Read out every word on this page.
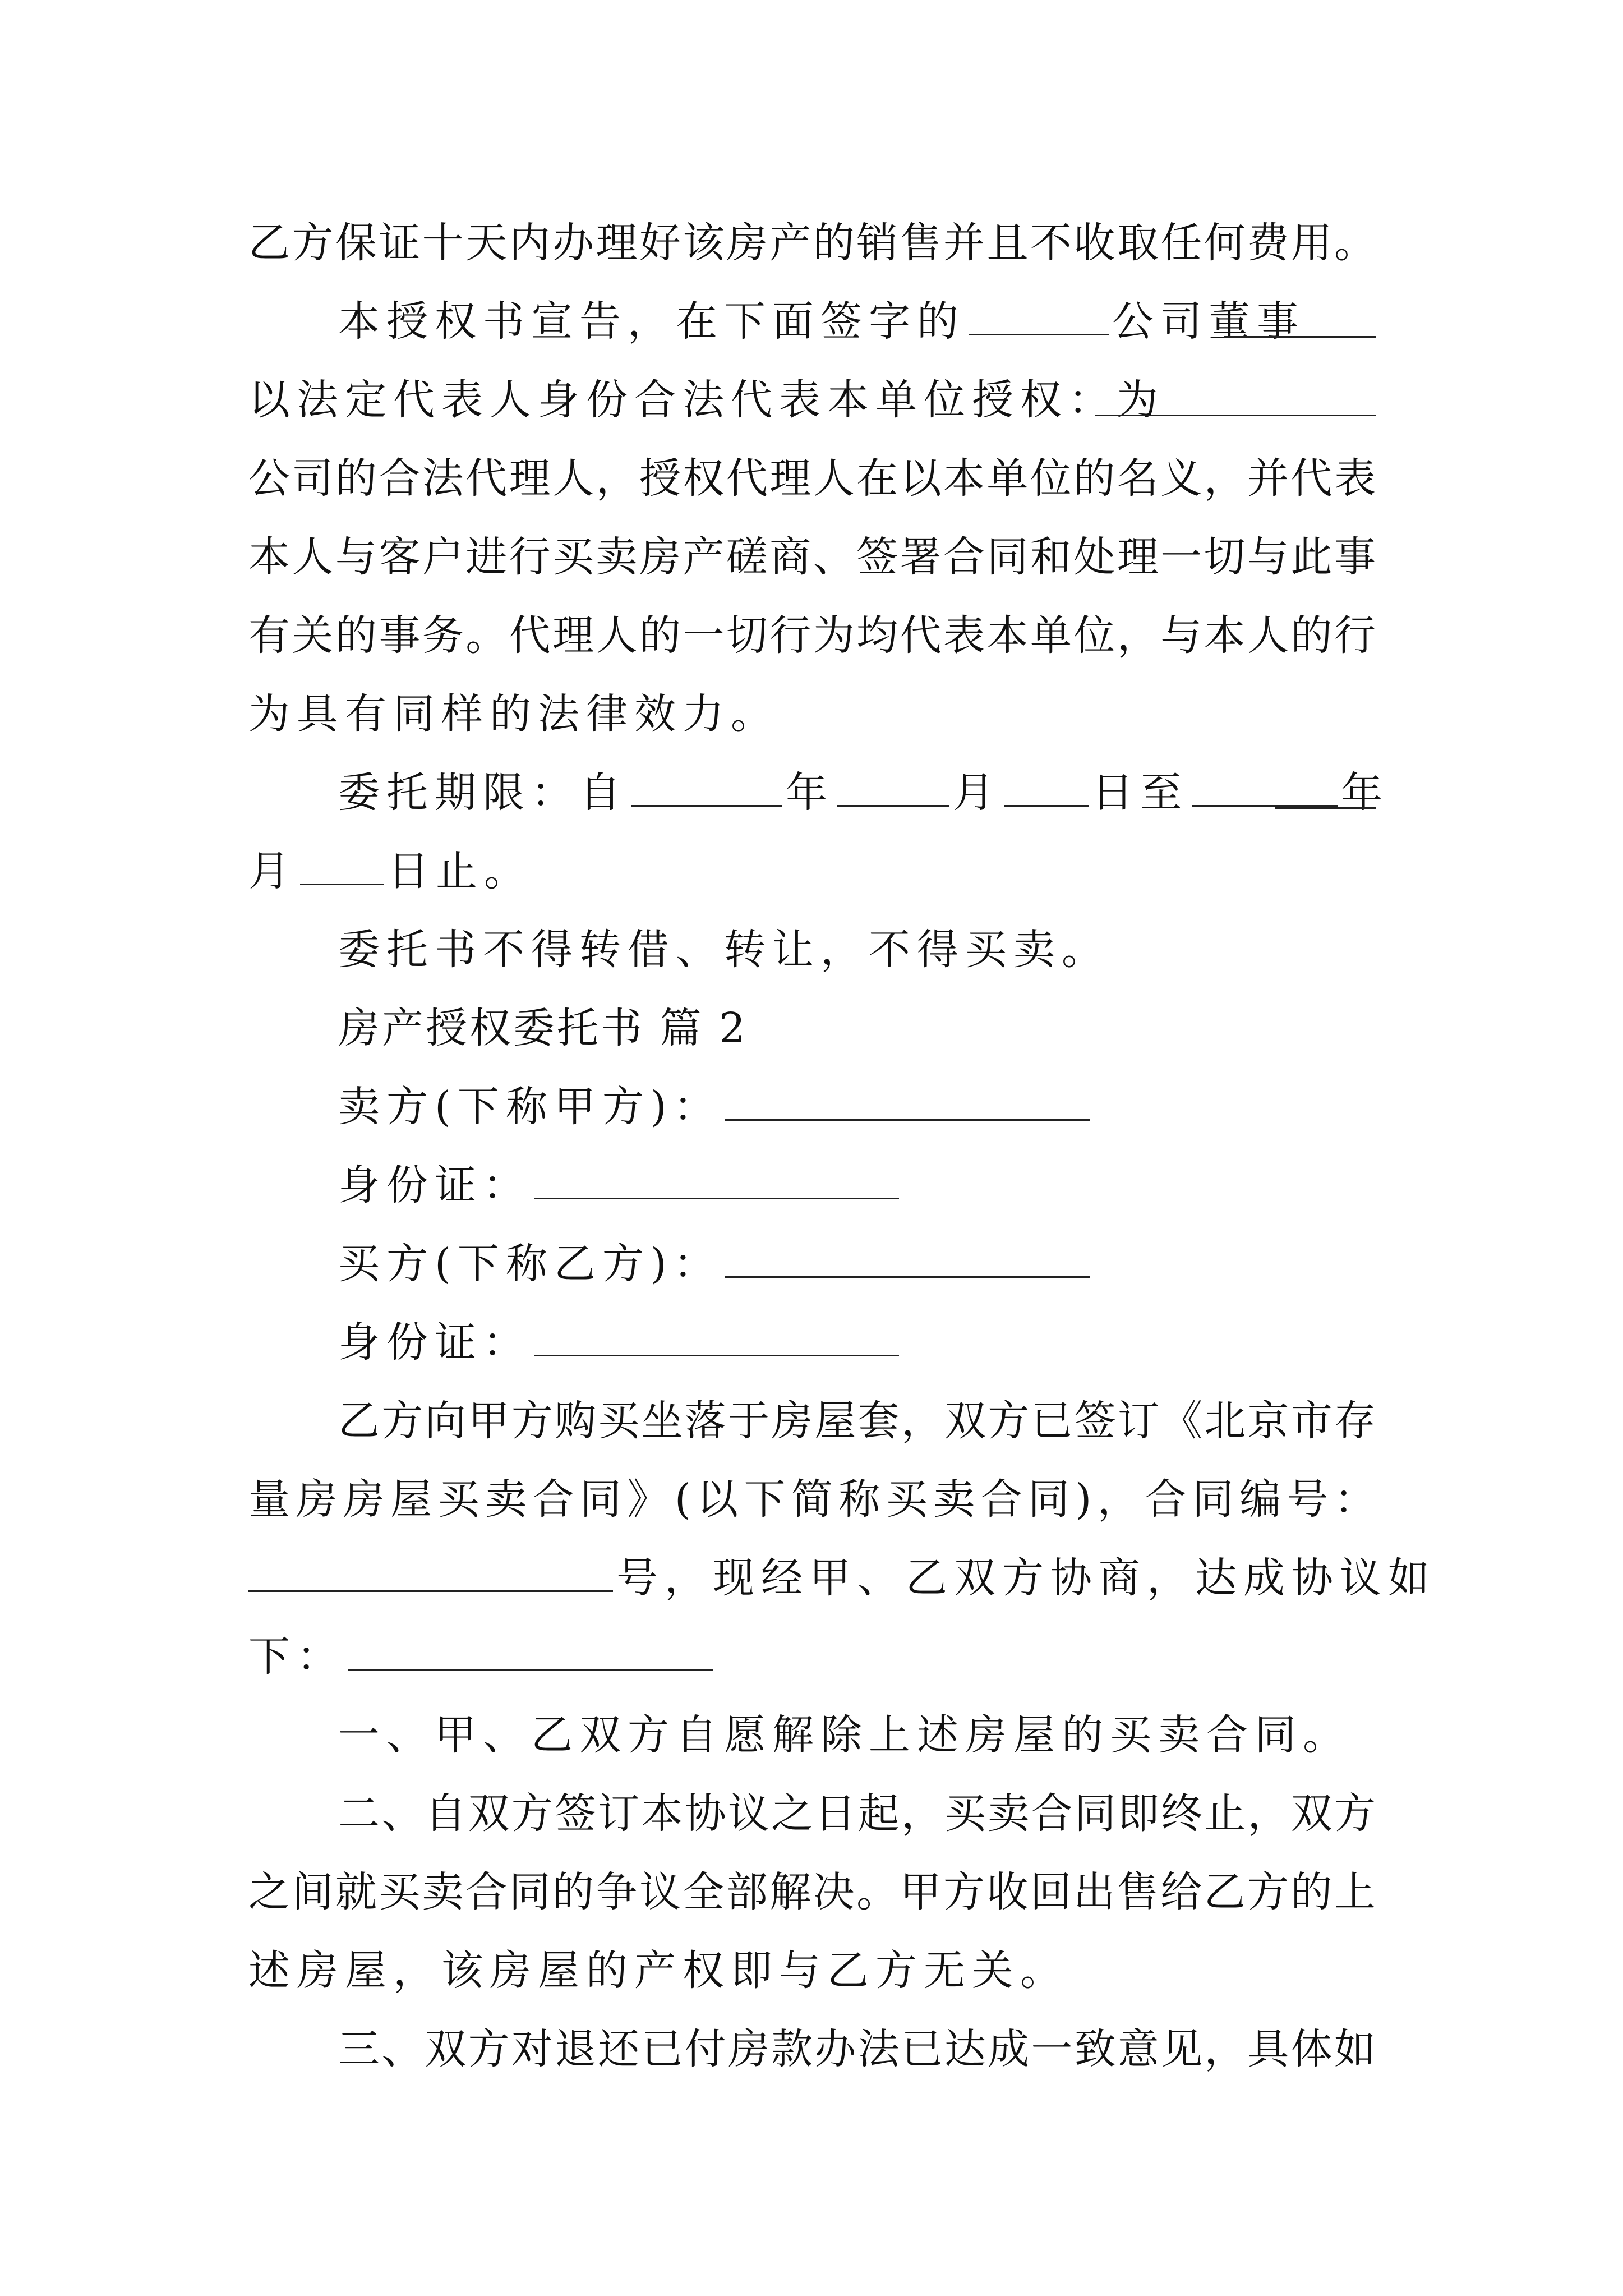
乙方保证十天内办理好该房产的销售并且不收取任何费用。
本授权书宣告，在下面签字的	公司董事
以法定代表人身份合法代表本单位授权：为
公司的合法代理人，授权代理人在以本单位的名义，并代表
本人与客户进行买卖房产磋商、签署合同和处理一切与此事
有关的事务。代理人的一切行为均代表本单位，与本人的行
为具有同样的法律效力。
委托期限：自	年	月 日至	年
月 日止。
委托书不得转借、转让，不得买卖。
房产授权委托书 篇 2
卖方(下称甲方)：
身份证：
买方(下称乙方)：
身份证：
乙方向甲方购买坐落于房屋套，双方已签订《北京市存
量房房屋买卖合同》(以下简称买卖合同)，合同编号：
号，现经甲、乙双方协商，达成协议如
下：
一、甲、乙双方自愿解除上述房屋的买卖合同。
二、自双方签订本协议之日起，买卖合同即终止，双方
之间就买卖合同的争议全部解决。甲方收回出售给乙方的上
述房屋，该房屋的产权即与乙方无关。
三、双方对退还已付房款办法已达成一致意见，具体如
